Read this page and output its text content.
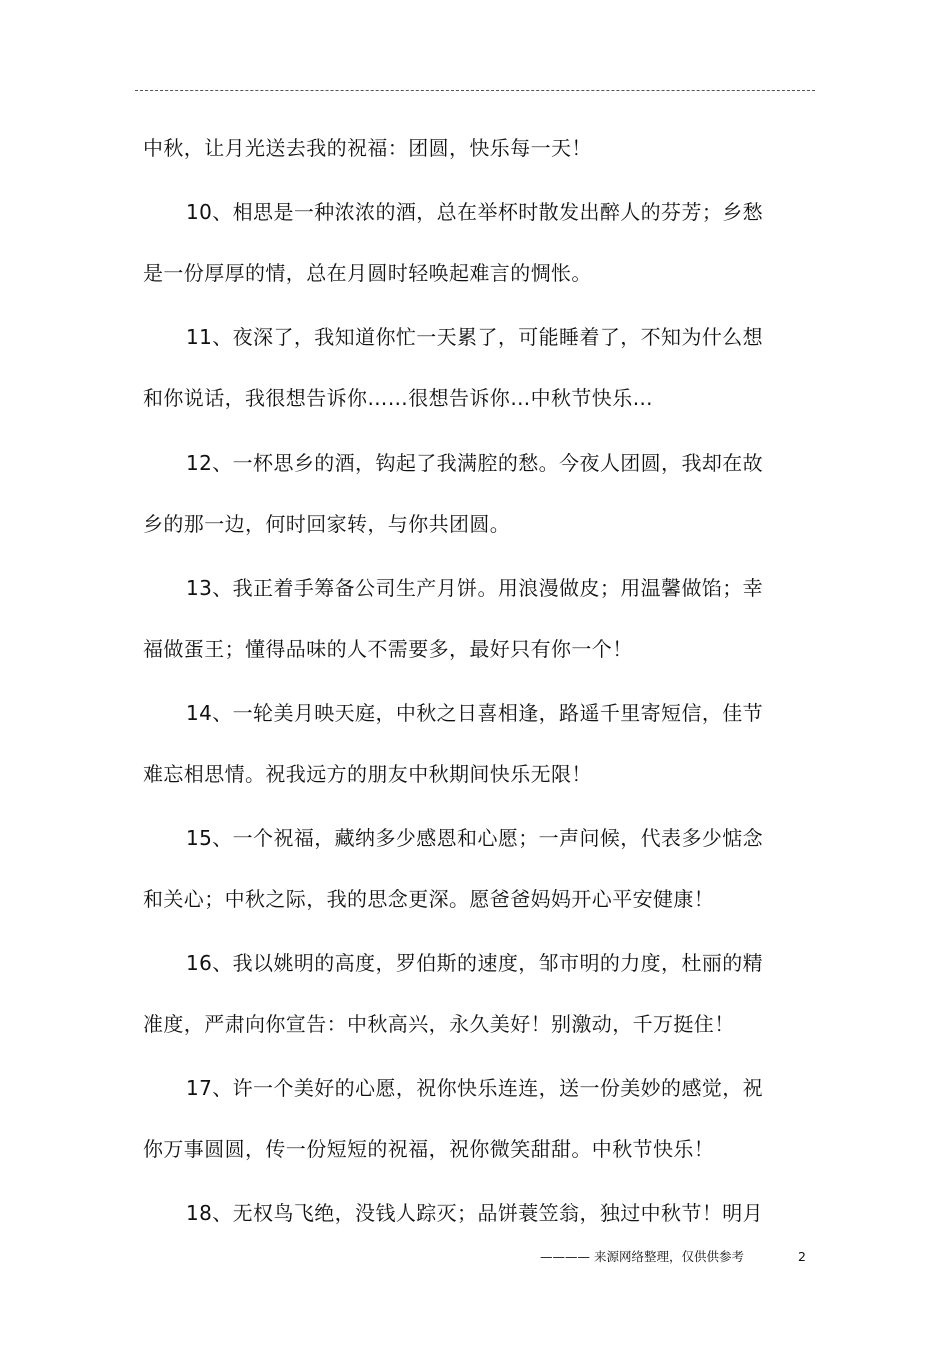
中秋，让月光送去我的祝福：团圆，快乐每一天！
10、相思是一种浓浓的酒，总在举杯时散发出醉人的芬芳；乡愁
是一份厚厚的情，总在月圆时轻唤起难言的惆怅。
11、夜深了，我知道你忙一天累了，可能睡着了，不知为什么想
和你说话，我很想告诉你……很想告诉你…中秋节快乐…
12、一杯思乡的酒，钩起了我满腔的愁。今夜人团圆，我却在故
乡的那一边，何时回家转，与你共团圆。
13、我正着手筹备公司生产月饼。用浪漫做皮；用温馨做馅；幸
福做蛋王；懂得品味的人不需要多，最好只有你一个！
14、一轮美月映天庭，中秋之日喜相逢，路遥千里寄短信，佳节
难忘相思情。祝我远方的朋友中秋期间快乐无限！
15、一个祝福，藏纳多少感恩和心愿；一声问候，代表多少惦念
和关心；中秋之际，我的思念更深。愿爸爸妈妈开心平安健康！
16、我以姚明的高度，罗伯斯的速度，邹市明的力度，杜丽的精
准度，严肃向你宣告：中秋高兴，永久美好！别激动，千万挺住！
17、许一个美好的心愿，祝你快乐连连，送一份美妙的感觉，祝
你万事圆圆，传一份短短的祝福，祝你微笑甜甜。中秋节快乐！
18、无权鸟飞绝，没钱人踪灭；品饼蓑笠翁，独过中秋节！明月
———— 来源网络整理，仅供供参考	2
